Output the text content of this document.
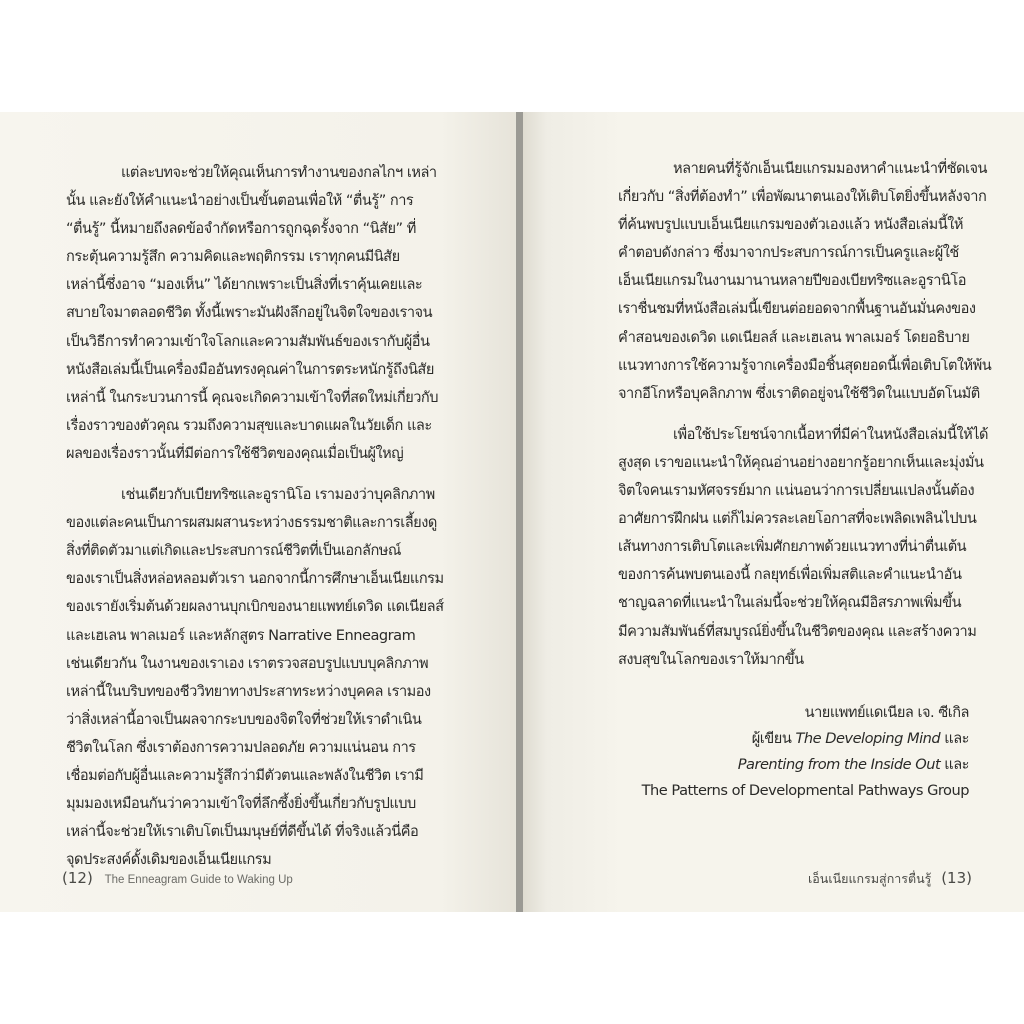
แต่ละบทจะช่วยให้คุณเห็นการทำงานของกลไกฯ เหล่า
นั้น และยังให้คำแนะนำอย่างเป็นขั้นตอนเพื่อให้ “ตื่นรู้” การ
“ตื่นรู้” นี้หมายถึงลดข้อจำกัดหรือการถูกฉุดรั้งจาก “นิสัย” ที่
กระตุ้นความรู้สึก ความคิดและพฤติกรรม เราทุกคนมีนิสัย
เหล่านี้ซึ่งอาจ “มองเห็น” ได้ยากเพราะเป็นสิ่งที่เราคุ้นเคยและ
สบายใจมาตลอดชีวิต ทั้งนี้เพราะมันฝังลึกอยู่ในจิตใจของเราจน
เป็นวิธีการทำความเข้าใจโลกและความสัมพันธ์ของเรากับผู้อื่น
หนังสือเล่มนี้เป็นเครื่องมืออันทรงคุณค่าในการตระหนักรู้ถึงนิสัย
เหล่านี้ ในกระบวนการนี้ คุณจะเกิดความเข้าใจที่สดใหม่เกี่ยวกับ
เรื่องราวของตัวคุณ รวมถึงความสุขและบาดแผลในวัยเด็ก และ
ผลของเรื่องราวนั้นที่มีต่อการใช้ชีวิตของคุณเมื่อเป็นผู้ใหญ่
เช่นเดียวกับเบียทริซและอูรานิโอ เรามองว่าบุคลิกภาพ
ของแต่ละคนเป็นการผสมผสานระหว่างธรรมชาติและการเลี้ยงดู
สิ่งที่ติดตัวมาแต่เกิดและประสบการณ์ชีวิตที่เป็นเอกลักษณ์
ของเราเป็นสิ่งหล่อหลอมตัวเรา นอกจากนี้การศึกษาเอ็นเนียแกรม
ของเรายังเริ่มต้นด้วยผลงานบุกเบิกของนายแพทย์เดวิด แดเนียลส์
และเฮเลน พาลเมอร์ และหลักสูตร Narrative Enneagram
เช่นเดียวกัน ในงานของเราเอง เราตรวจสอบรูปแบบบุคลิกภาพ
เหล่านี้ในบริบทของชีววิทยาทางประสาทระหว่างบุคคล เรามอง
ว่าสิ่งเหล่านี้อาจเป็นผลจากระบบของจิตใจที่ช่วยให้เราดำเนิน
ชีวิตในโลก ซึ่งเราต้องการความปลอดภัย ความแน่นอน การ
เชื่อมต่อกับผู้อื่นและความรู้สึกว่ามีตัวตนและพลังในชีวิต เรามี
มุมมองเหมือนกันว่าความเข้าใจที่ลึกซึ้งยิ่งขึ้นเกี่ยวกับรูปแบบ
เหล่านี้จะช่วยให้เราเติบโตเป็นมนุษย์ที่ดีขึ้นได้ ที่จริงแล้วนี่คือ
จุดประสงค์ดั้งเดิมของเอ็นเนียแกรม
(12) The Enneagram Guide to Waking Up
หลายคนที่รู้จักเอ็นเนียแกรมมองหาคำแนะนำที่ชัดเจน
เกี่ยวกับ “สิ่งที่ต้องทำ” เพื่อพัฒนาตนเองให้เติบโตยิ่งขึ้นหลังจาก
ที่ค้นพบรูปแบบเอ็นเนียแกรมของตัวเองแล้ว หนังสือเล่มนี้ให้
คำตอบดังกล่าว ซึ่งมาจากประสบการณ์การเป็นครูและผู้ใช้
เอ็นเนียแกรมในงานมานานหลายปีของเบียทริซและอูรานิโอ
เราชื่นชมที่หนังสือเล่มนี้เขียนต่อยอดจากพื้นฐานอันมั่นคงของ
คำสอนของเดวิด แดเนียลส์ และเฮเลน พาลเมอร์ โดยอธิบาย
แนวทางการใช้ความรู้จากเครื่องมือชิ้นสุดยอดนี้เพื่อเติบโตให้พ้น
จากอีโกหรือบุคลิกภาพ ซึ่งเราติดอยู่จนใช้ชีวิตในแบบอัตโนมัติ
เพื่อใช้ประโยชน์จากเนื้อหาที่มีค่าในหนังสือเล่มนี้ให้ได้
สูงสุด เราขอแนะนำให้คุณอ่านอย่างอยากรู้อยากเห็นและมุ่งมั่น
จิตใจคนเรามหัศจรรย์มาก แน่นอนว่าการเปลี่ยนแปลงนั้นต้อง
อาศัยการฝึกฝน แต่ก็ไม่ควรละเลยโอกาสที่จะเพลิดเพลินไปบน
เส้นทางการเติบโตและเพิ่มศักยภาพด้วยแนวทางที่น่าตื่นเต้น
ของการค้นพบตนเองนี้ กลยุทธ์เพื่อเพิ่มสติและคำแนะนำอัน
ชาญฉลาดที่แนะนำในเล่มนี้จะช่วยให้คุณมีอิสรภาพเพิ่มขึ้น
มีความสัมพันธ์ที่สมบูรณ์ยิ่งขึ้นในชีวิตของคุณ และสร้างความ
สงบสุขในโลกของเราให้มากขึ้น
นายแพทย์แดเนียล เจ. ซีเกิล
ผู้เขียน The Developing Mind และ
Parenting from the Inside Out และ
The Patterns of Developmental Pathways Group
เอ็นเนียแกรมสู่การตื่นรู้ (13)
